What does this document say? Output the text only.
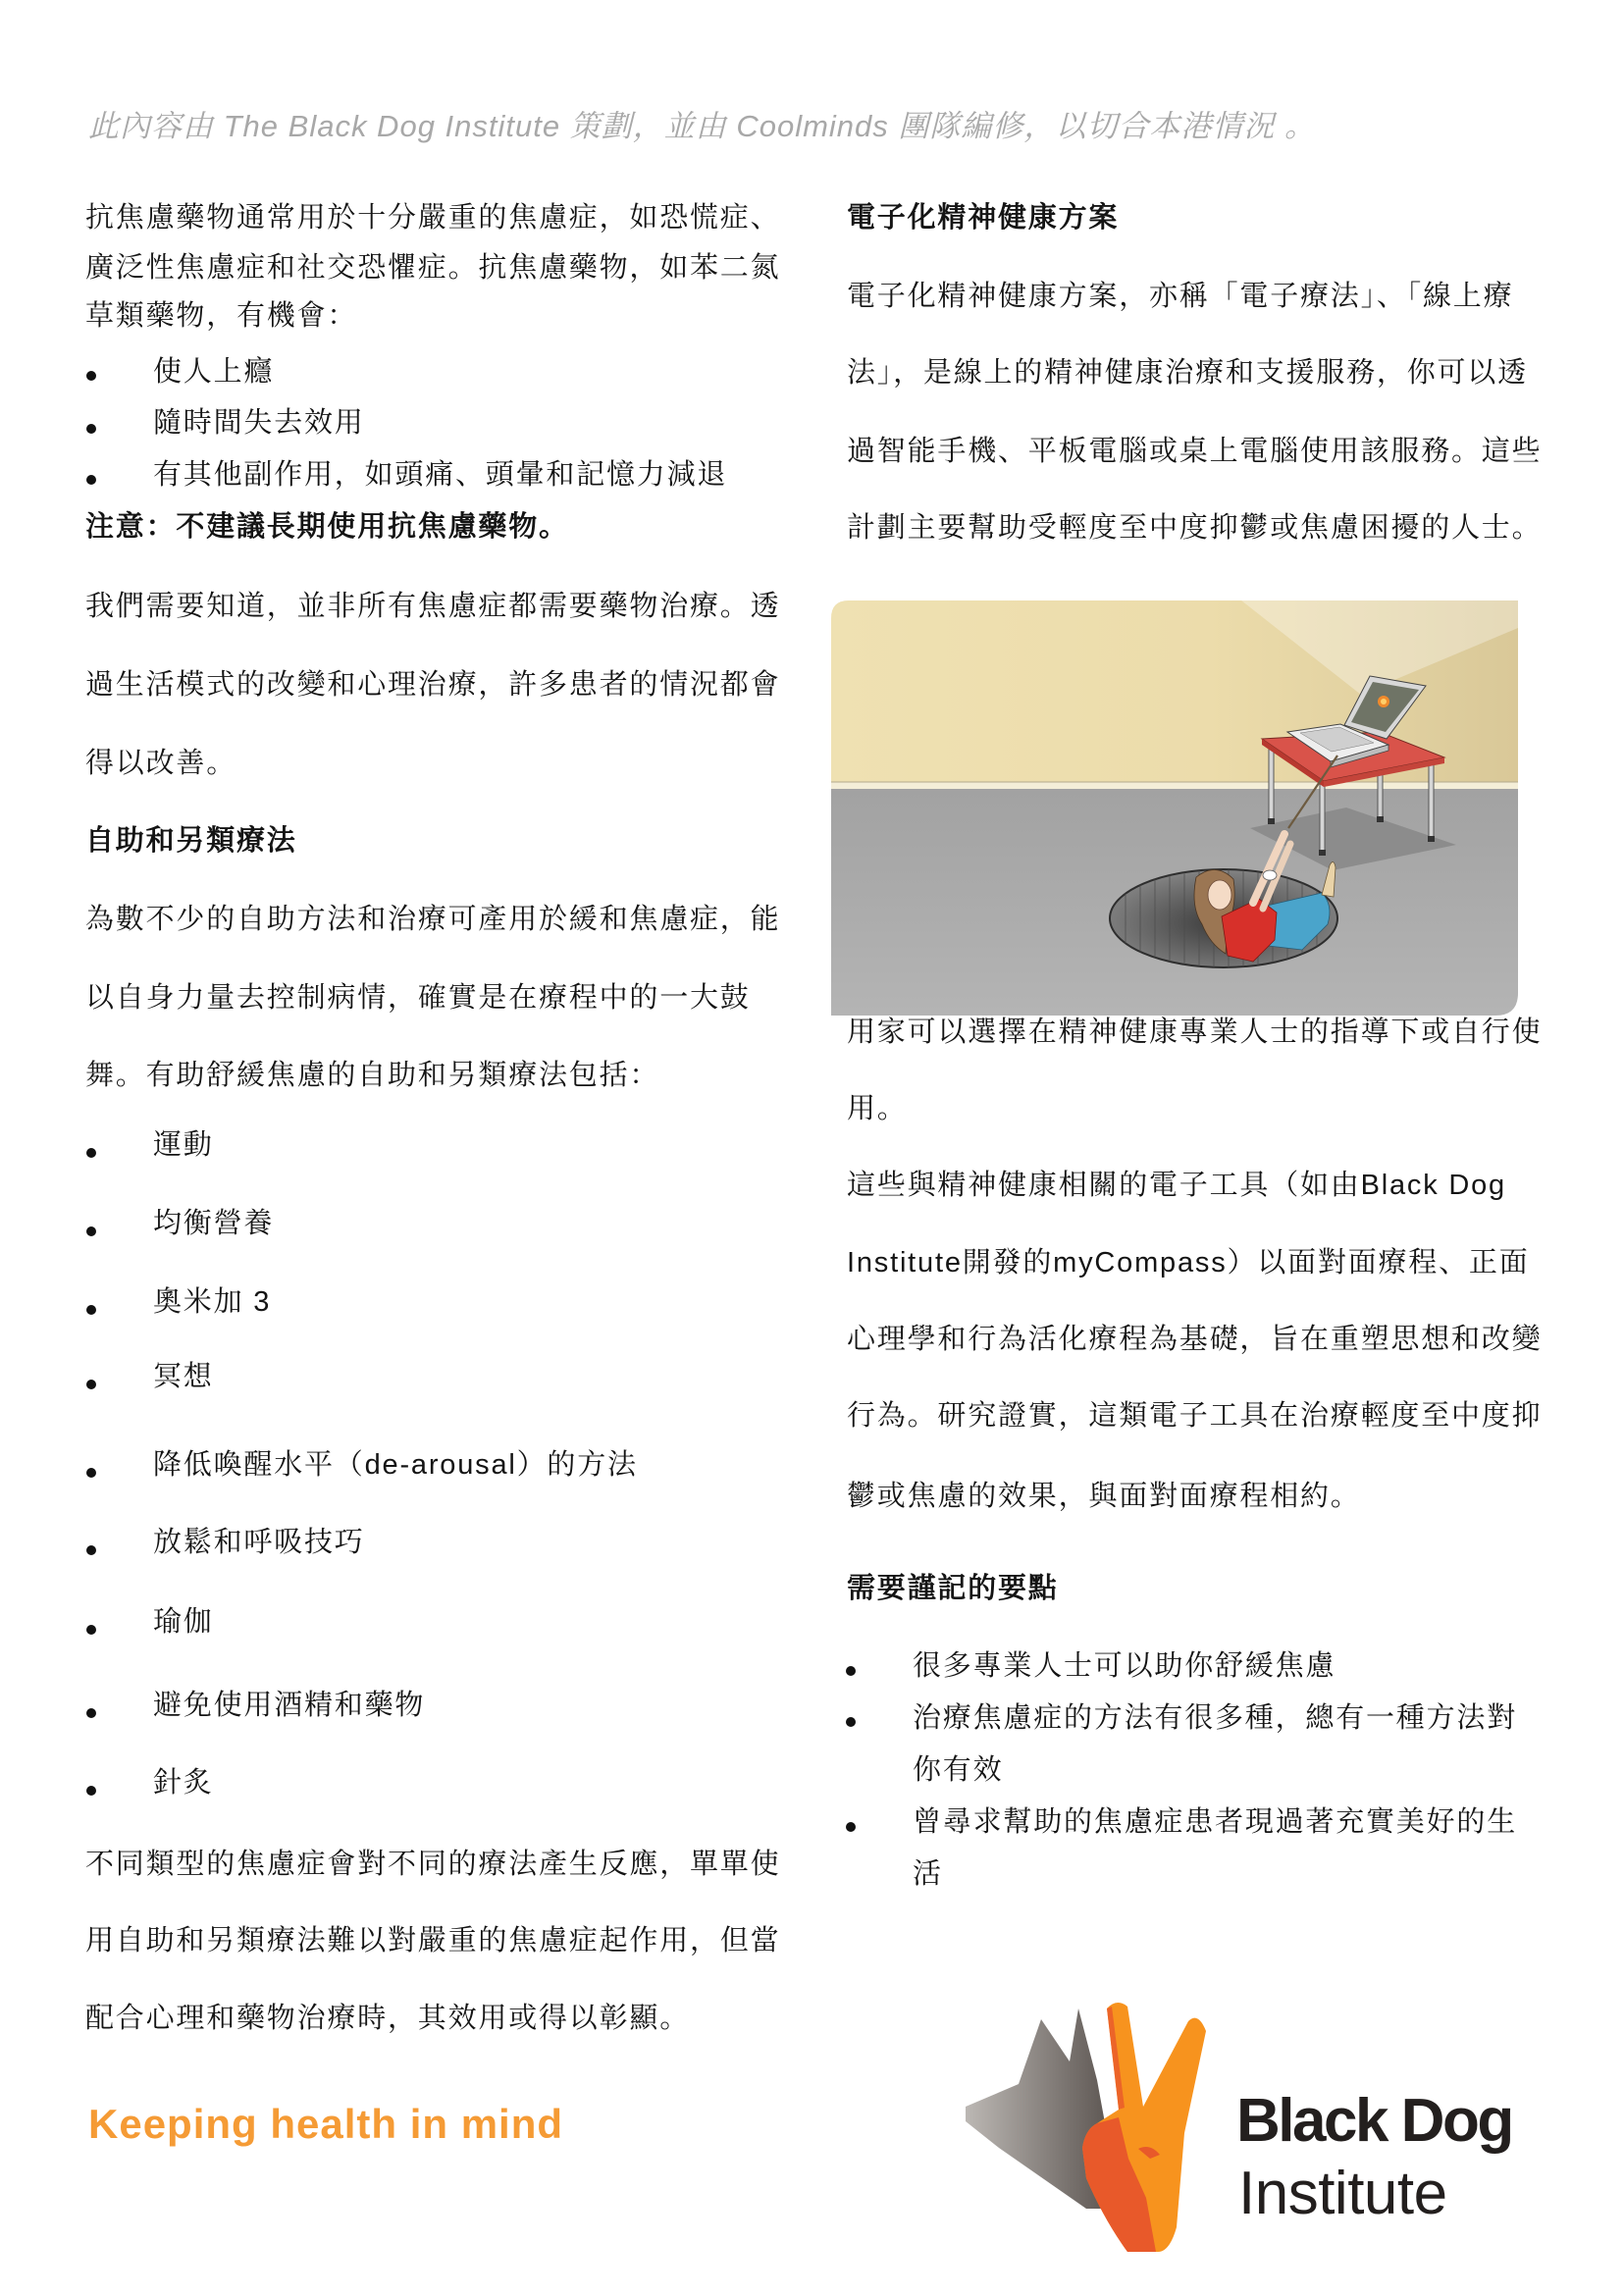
此內容由 The Black Dog Institute 策劃，並由 Coolminds 團隊編修，以切合本港情況 。
抗焦慮藥物通常用於十分嚴重的焦慮症，如恐慌症、
廣泛性焦慮症和社交恐懼症。抗焦慮藥物，如苯二氮
草類藥物，有機會：
使人上癮
隨時間失去效用
有其他副作用，如頭痛、頭暈和記憶力減退
注意：不建議長期使用抗焦慮藥物。
我們需要知道，並非所有焦慮症都需要藥物治療。透
過生活模式的改變和心理治療，許多患者的情況都會
得以改善。
自助和另類療法
為數不少的自助方法和治療可產用於緩和焦慮症，能
以自身力量去控制病情，確實是在療程中的一大鼓
舞。有助舒緩焦慮的自助和另類療法包括：
運動
均衡營養
奧米加 3
冥想
降低喚醒水平（de-arousal）的方法
放鬆和呼吸技巧
瑜伽
避免使用酒精和藥物
針炙
不同類型的焦慮症會對不同的療法產生反應，單單使
用自助和另類療法難以對嚴重的焦慮症起作用，但當
配合心理和藥物治療時，其效用或得以彰顯。
Keeping health in mind
電子化精神健康方案
電子化精神健康方案，亦稱「電子療法」、「線上療
法」，是線上的精神健康治療和支援服務，你可以透
過智能手機、平板電腦或桌上電腦使用該服務。這些
計劃主要幫助受輕度至中度抑鬱或焦慮困擾的人士。
用家可以選擇在精神健康專業人士的指導下或自行使
用。
這些與精神健康相關的電子工具（如由Black Dog
Institute開發的myCompass）以面對面療程、正面
心理學和行為活化療程為基礎，旨在重塑思想和改變
行為。研究證實，這類電子工具在治療輕度至中度抑
鬱或焦慮的效果，與面對面療程相約。
需要謹記的要點
很多專業人士可以助你舒緩焦慮
治療焦慮症的方法有很多種，總有一種方法對
你有效
曾尋求幫助的焦慮症患者現過著充實美好的生
活
Black Dog
Institute
